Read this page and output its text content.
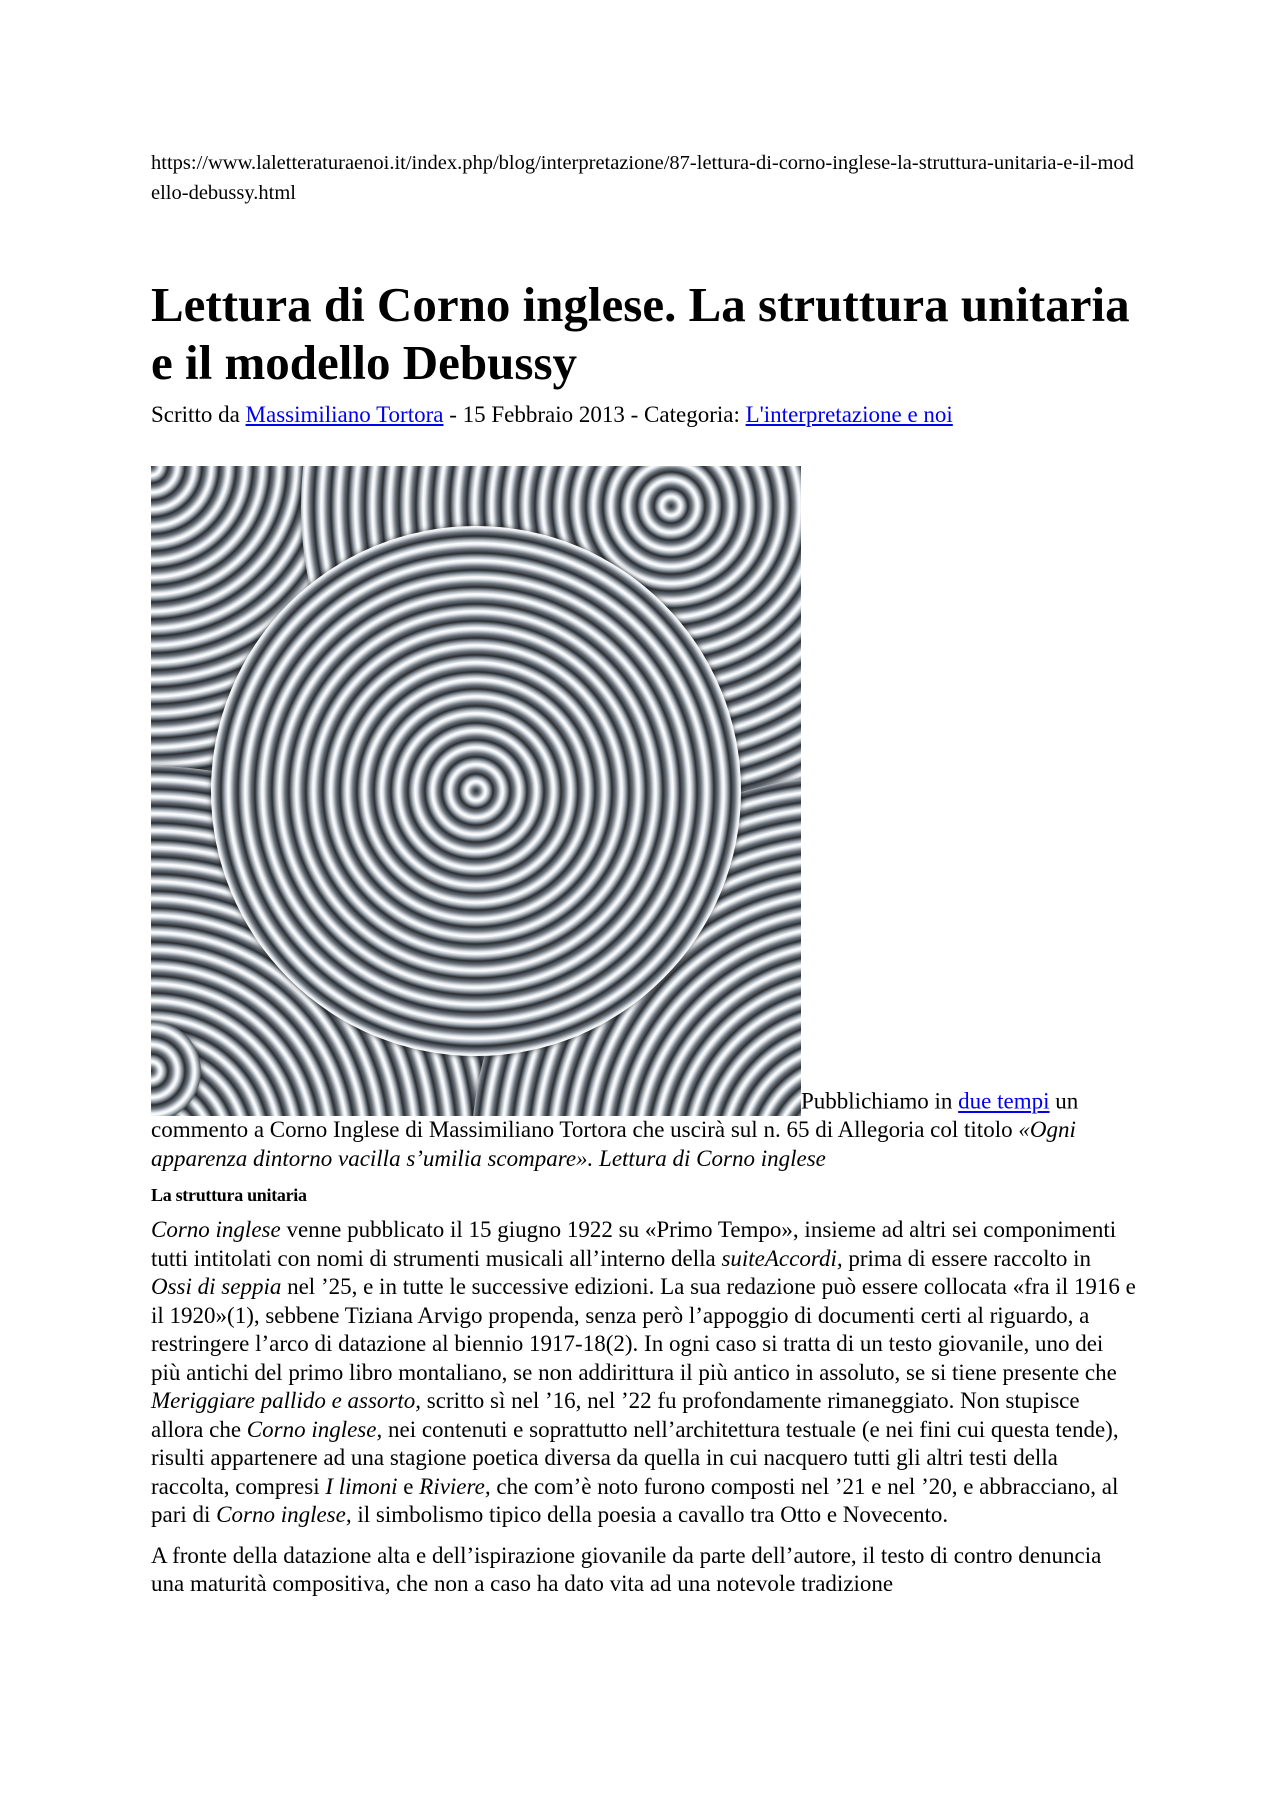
https://www.laletteraturaenoi.it/index.php/blog/interpretazione/87-lettura-di-corno-inglese-la-struttura-unitaria-e-il-modello-debussy.html
Lettura di Corno inglese. La struttura unitaria e il modello Debussy
Scritto da Massimiliano Tortora - 15 Febbraio 2013 - Categoria: L'interpretazione e noi
Pubblichiamo in due tempi un commento a Corno Inglese di Massimiliano Tortora che uscirà sul n. 65 di Allegoria col titolo «Ogni apparenza dintorno vacilla s’umilia scompare». Lettura di Corno inglese
La struttura unitaria

Corno inglese venne pubblicato il 15 giugno 1922 su «Primo Tempo», insieme ad altri sei componimenti tutti intitolati con nomi di strumenti musicali all’interno della suiteAccordi, prima di essere raccolto in Ossi di seppia nel ’25, e in tutte le successive edizioni. La sua redazione può essere collocata «fra il 1916 e il 1920»(1), sebbene Tiziana Arvigo propenda, senza però l’appoggio di documenti certi al riguardo, a restringere l’arco di datazione al biennio 1917-18(2). In ogni caso si tratta di un testo giovanile, uno dei più antichi del primo libro montaliano, se non addirittura il più antico in assoluto, se si tiene presente che Meriggiare pallido e assorto, scritto sì nel ’16, nel ’22 fu profondamente rimaneggiato. Non stupisce allora che Corno inglese, nei contenuti e soprattutto nell’architettura testuale (e nei fini cui questa tende), risulti appartenere ad una stagione poetica diversa da quella in cui nacquero tutti gli altri testi della raccolta, compresi I limoni e Riviere, che com’è noto furono composti nel ’21 e nel ’20, e abbracciano, al pari di Corno inglese, il simbolismo tipico della poesia a cavallo tra Otto e Novecento.

A fronte della datazione alta e dell’ispirazione giovanile da parte dell’autore, il testo di contro denuncia una maturità compositiva, che non a caso ha dato vita ad una notevole tradizione
